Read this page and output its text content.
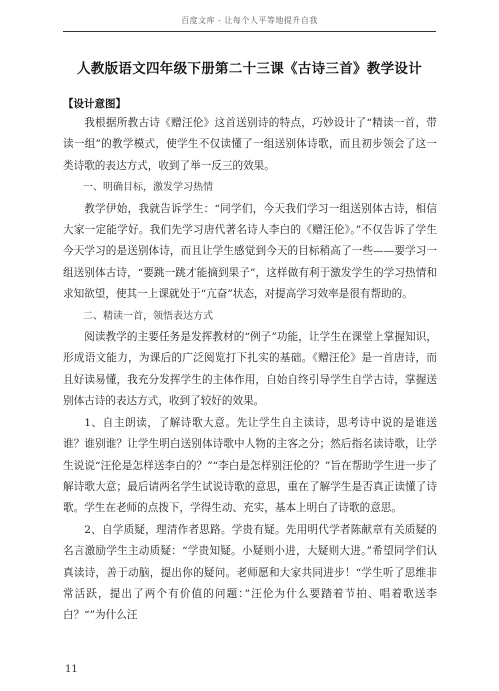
百度文库 - 让每个人平等地提升自我
人教版语文四年级下册第二十三课《古诗三首》教学设计
【设计意图】

我根据所教古诗《赠汪伦》这首送别诗的特点，巧妙设计了“精读一首，带读一组”的教学模式，使学生不仅读懂了一组送别体诗歌，而且初步领会了这一类诗歌的表达方式，收到了举一反三的效果。

一、明确目标，激发学习热情

教学伊始，我就告诉学生：“同学们，今天我们学习一组送别体古诗，相信大家一定能学好。我们先学习唐代著名诗人李白的《赠汪伦》。”不仅告诉了学生今天学习的是送别体诗，而且让学生感觉到今天的目标稍高了一些——要学习一组送别体古诗，“要跳一跳才能摘到果子”，这样做有利于激发学生的学习热情和求知欲望，使其一上课就处于“亢奋”状态，对提高学习效率是很有帮助的。

二、精读一首，领悟表达方式

阅读教学的主要任务是发挥教材的“例子”功能，让学生在课堂上掌握知识，形成语文能力，为课后的广泛阅览打下扎实的基础。《赠汪伦》是一首唐诗，而且好读易懂，我充分发挥学生的主体作用，自始自终引导学生自学古诗，掌握送别体古诗的表达方式，收到了较好的效果。

1、自主朗读，了解诗歌大意。先让学生自主读诗，思考诗中说的是谁送谁？谁别谁？让学生明白送别体诗歌中人物的主客之分；然后指名读诗歌，让学生说说“汪伦是怎样送李白的？”“李白是怎样别汪伦的？”旨在帮助学生进一步了解诗歌大意；最后请两名学生试说诗歌的意思，重在了解学生是否真正读懂了诗歌。学生在老师的点拨下，学得生动、充实，基本上明白了诗歌的意思。

2、自学质疑，理清作者思路。学贵有疑。先用明代学者陈献章有关质疑的名言激励学生主动质疑：“学贵知疑。小疑则小进，大疑则大进。”希望同学们认真读诗，善于动脑，提出你的疑问。老师愿和大家共同进步！“学生听了思维非常活跃，提出了两个有价值的问题：”汪伦为什么要踏着节拍、唱着歌送李白？“”为什么汪

11
